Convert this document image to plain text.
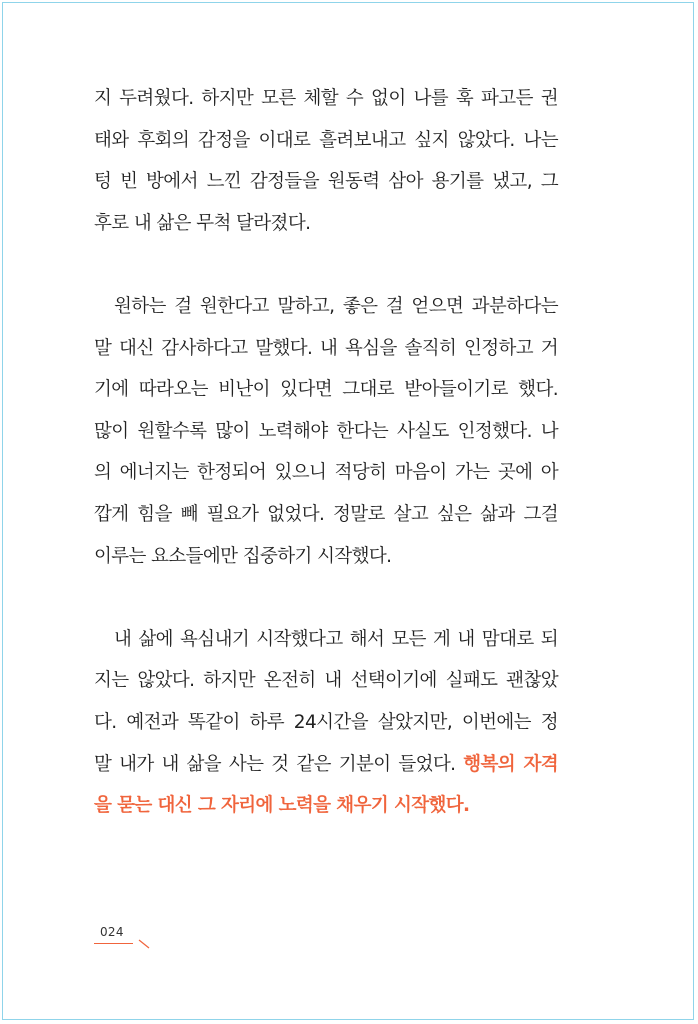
지 두려웠다. 하지만 모른 체할 수 없이 나를 훅 파고든 권
태와 후회의 감정을 이대로 흘려보내고 싶지 않았다. 나는
텅 빈 방에서 느낀 감정들을 원동력 삼아 용기를 냈고, 그
후로 내 삶은 무척 달라졌다.
원하는 걸 원한다고 말하고, 좋은 걸 얻으면 과분하다는
말 대신 감사하다고 말했다. 내 욕심을 솔직히 인정하고 거
기에 따라오는 비난이 있다면 그대로 받아들이기로 했다.
많이 원할수록 많이 노력해야 한다는 사실도 인정했다. 나
의 에너지는 한정되어 있으니 적당히 마음이 가는 곳에 아
깝게 힘을 빼 필요가 없었다. 정말로 살고 싶은 삶과 그걸
이루는 요소들에만 집중하기 시작했다.
내 삶에 욕심내기 시작했다고 해서 모든 게 내 맘대로 되
지는 않았다. 하지만 온전히 내 선택이기에 실패도 괜찮았
다. 예전과 똑같이 하루 24시간을 살았지만, 이번에는 정
말 내가 내 삶을 사는 것 같은 기분이 들었다. 행복의 자격
을 묻는 대신 그 자리에 노력을 채우기 시작했다.
024
